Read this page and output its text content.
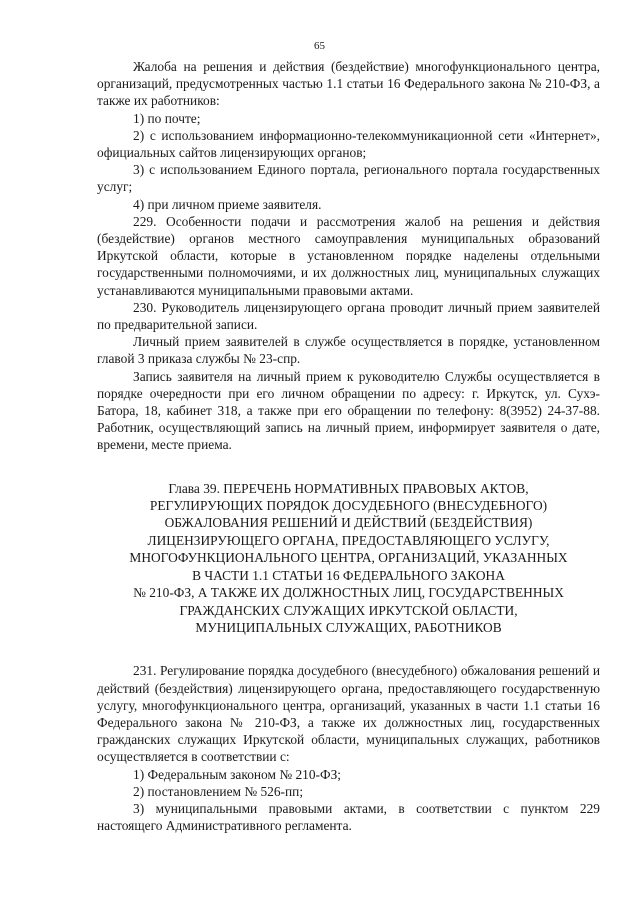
65

Жалоба на решения и действия (бездействие) многофункционального центра, организаций, предусмотренных частью 1.1 статьи 16 Федерального закона № 210-ФЗ, а также их работников:

1) по почте;

2) с использованием информационно-телекоммуникационной сети «Интернет», официальных сайтов лицензирующих органов;

3) с использованием Единого портала, регионального портала государственных услуг;

4) при личном приеме заявителя.

229. Особенности подачи и рассмотрения жалоб на решения и действия (бездействие) органов местного самоуправления муниципальных образований Иркутской области, которые в установленном порядке наделены отдельными государственными полномочиями, и их должностных лиц, муниципальных служащих устанавливаются муниципальными правовыми актами.

230. Руководитель лицензирующего органа проводит личный прием заявителей по предварительной записи.

Личный прием заявителей в службе осуществляется в порядке, установленном главой 3 приказа службы № 23-спр.

Запись заявителя на личный прием к руководителю Службы осуществляется в порядке очередности при его личном обращении по адресу: г. Иркутск, ул. Сухэ-Батора, 18, кабинет 318, а также при его обращении по телефону: 8(3952) 24-37-88. Работник, осуществляющий запись на личный прием, информирует заявителя о дате, времени, месте приема.

Глава 39. ПЕРЕЧЕНЬ НОРМАТИВНЫХ ПРАВОВЫХ АКТОВ,
РЕГУЛИРУЮЩИХ ПОРЯДОК ДОСУДЕБНОГО (ВНЕСУДЕБНОГО)
ОБЖАЛОВАНИЯ РЕШЕНИЙ И ДЕЙСТВИЙ (БЕЗДЕЙСТВИЯ)
ЛИЦЕНЗИРУЮЩЕГО ОРГАНА, ПРЕДОСТАВЛЯЮЩЕГО УСЛУГУ,
МНОГОФУНКЦИОНАЛЬНОГО ЦЕНТРА, ОРГАНИЗАЦИЙ, УКАЗАННЫХ
В ЧАСТИ 1.1 СТАТЬИ 16 ФЕДЕРАЛЬНОГО ЗАКОНА
№ 210-ФЗ, А ТАКЖЕ ИХ ДОЛЖНОСТНЫХ ЛИЦ, ГОСУДАРСТВЕННЫХ
ГРАЖДАНСКИХ СЛУЖАЩИХ ИРКУТСКОЙ ОБЛАСТИ,
МУНИЦИПАЛЬНЫХ СЛУЖАЩИХ, РАБОТНИКОВ

231. Регулирование порядка досудебного (внесудебного) обжалования решений и действий (бездействия) лицензирующего органа, предоставляющего государственную услугу, многофункционального центра, организаций, указанных в части 1.1 статьи 16 Федерального закона № 210-ФЗ, а также их должностных лиц, государственных гражданских служащих Иркутской области, муниципальных служащих, работников осуществляется в соответствии с:

1) Федеральным законом № 210-ФЗ;

2) постановлением № 526-пп;

3) муниципальными правовыми актами, в соответствии с пунктом 229 настоящего Административного регламента.
